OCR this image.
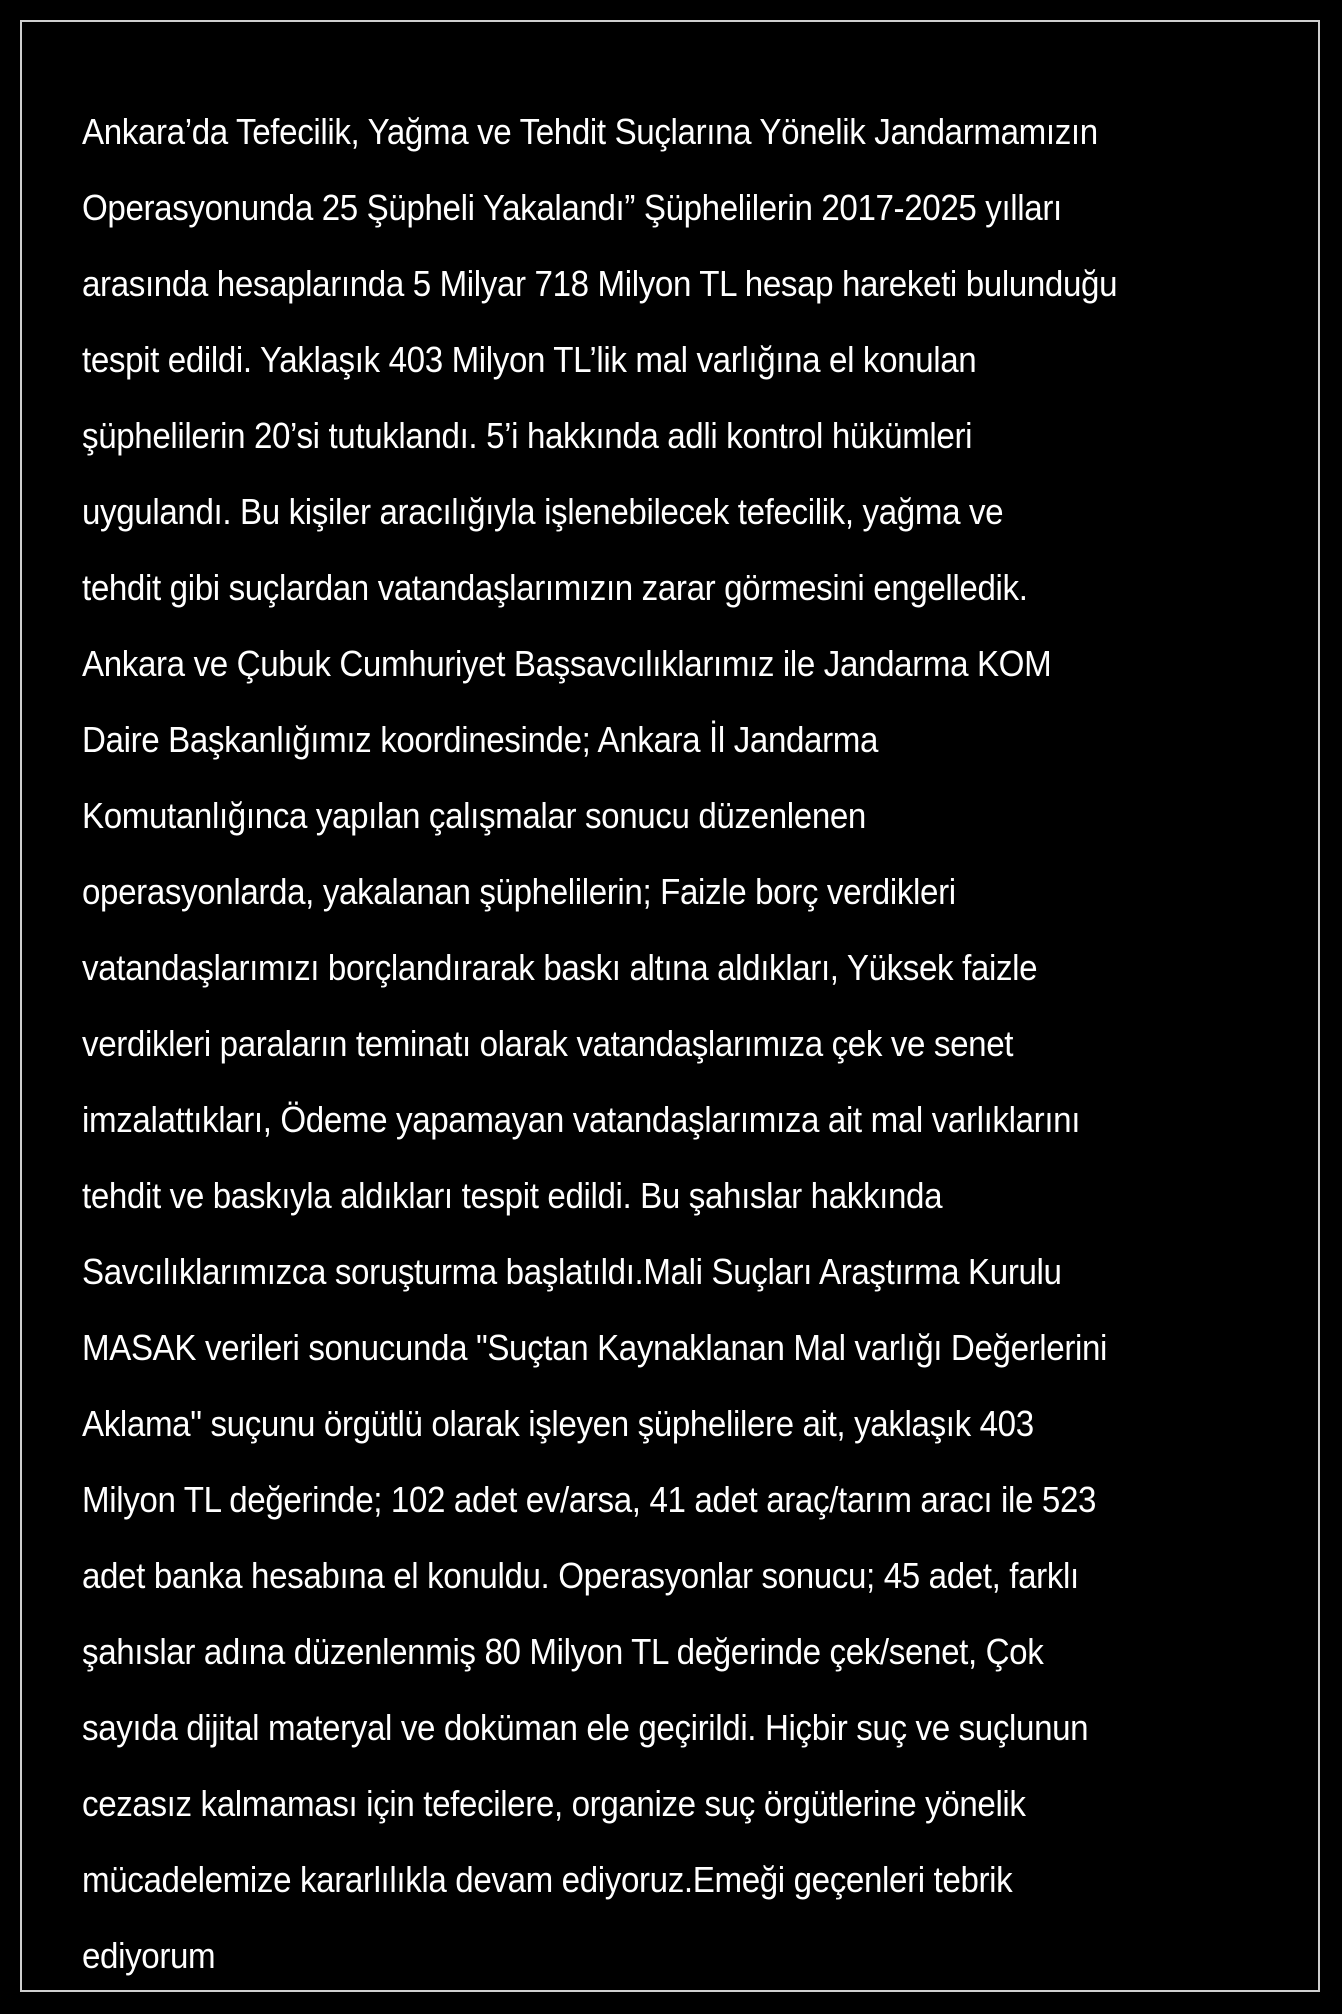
Ankara’da Tefecilik, Yağma ve Tehdit Suçlarına Yönelik Jandarmamızın
Operasyonunda 25 Şüpheli Yakalandı” Şüphelilerin 2017-2025 yılları
arasında hesaplarında 5 Milyar 718 Milyon TL hesap hareketi bulunduğu
tespit edildi. Yaklaşık 403 Milyon TL’lik mal varlığına el konulan
şüphelilerin 20’si tutuklandı. 5’i hakkında adli kontrol hükümleri
uygulandı. Bu kişiler aracılığıyla işlenebilecek tefecilik, yağma ve
tehdit gibi suçlardan vatandaşlarımızın zarar görmesini engelledik.
Ankara ve Çubuk Cumhuriyet Başsavcılıklarımız ile Jandarma KOM
Daire Başkanlığımız koordinesinde; Ankara İl Jandarma
Komutanlığınca yapılan çalışmalar sonucu düzenlenen
operasyonlarda, yakalanan şüphelilerin; Faizle borç verdikleri
vatandaşlarımızı borçlandırarak baskı altına aldıkları, Yüksek faizle
verdikleri paraların teminatı olarak vatandaşlarımıza çek ve senet
imzalattıkları, Ödeme yapamayan vatandaşlarımıza ait mal varlıklarını
tehdit ve baskıyla aldıkları tespit edildi. Bu şahıslar hakkında
Savcılıklarımızca soruşturma başlatıldı.Mali Suçları Araştırma Kurulu
MASAK verileri sonucunda "Suçtan Kaynaklanan Mal varlığı Değerlerini
Aklama" suçunu örgütlü olarak işleyen şüphelilere ait, yaklaşık 403
Milyon TL değerinde; 102 adet ev/arsa, 41 adet araç/tarım aracı ile 523
adet banka hesabına el konuldu. Operasyonlar sonucu; 45 adet, farklı
şahıslar adına düzenlenmiş 80 Milyon TL değerinde çek/senet, Çok
sayıda dijital materyal ve doküman ele geçirildi. Hiçbir suç ve suçlunun
cezasız kalmaması için tefecilere, organize suç örgütlerine yönelik
mücadelemize kararlılıkla devam ediyoruz.Emeği geçenleri tebrik
ediyorum
